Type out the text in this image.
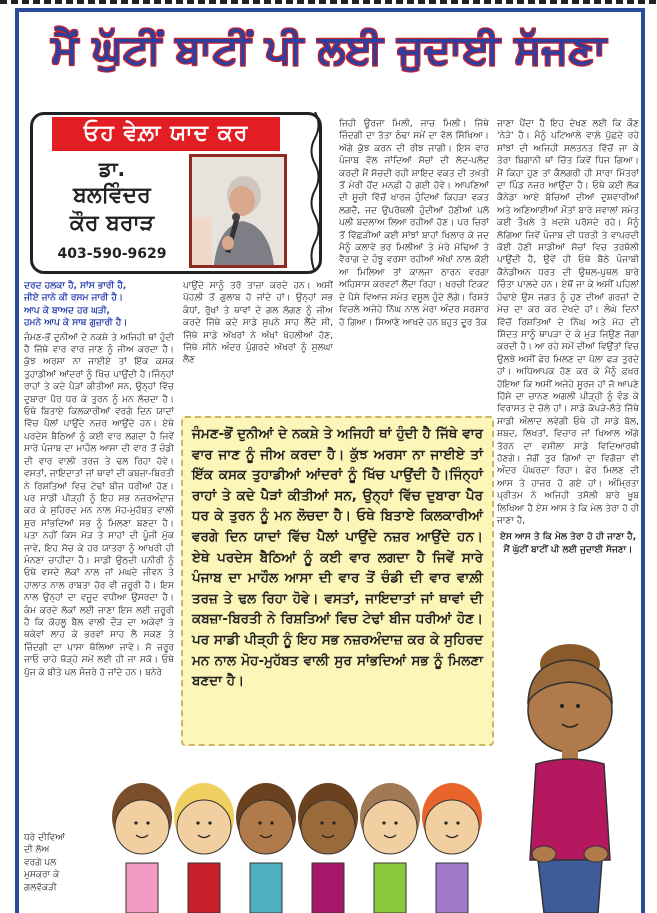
ਮੈਂ ਘੁੱਟੀਂ ਬਾਟੀਂ ਪੀ ਲਈ ਜੁਦਾਈ ਸੱਜਣਾ
ਓਹ ਵੇਲ਼ਾ ਯਾਦ ਕਰ
ਡਾ.
ਬਲਵਿੰਦਰ
ਕੌਰ ਬਰਾੜ
403-590-9629

ਦਰਦ ਹਲਕਾ ਹੈ, ਸਾਂਸ ਭਾਰੀ ਹੈ,

ਜੀਏ ਜਾਨੇ ਕੀ ਰਸਮ ਜਾਰੀ ਹੈ।

ਆਪ ਕੇ ਬਾਅਦ ਹਰ ਘੜੀ,

ਹਮਨੇ ਆਪ ਕੇ ਸਾਥ ਗੁਜ਼ਾਰੀ ਹੈ।

ਜੰਮਣ-ਭੋਂ ਦੁਨੀਆਂ ਦੇ ਨਕਸ਼ੇ ਤੇ ਅਜਿਹੀ ਥਾਂ ਹੁੰਦੀ ਹੈ ਜਿੱਥੇ ਵਾਰ ਵਾਰ ਜਾਣ ਨੂੰ ਜੀਅ ਕਰਦਾ ਹੈ। ਕੁੱਝ ਅਰਸਾ ਨਾ ਜਾਈਏ ਤਾਂ ਇੱਕ ਕਸਕ ਤੁਹਾਡੀਆਂ ਆਂਦਰਾਂ ਨੂੰ ਖਿੱਚ ਪਾਉਂਦੀ ਹੈ।ਜਿੰਨ੍ਹਾਂ ਰਾਹਾਂ ਤੇ ਕਦੇ ਪੈੜਾਂ ਕੀਤੀਆਂ ਸਨ, ਉਨ੍ਹਾਂ ਵਿੱਚ ਦੁਬਾਰਾ ਪੈਰ ਧਰ ਕੇ ਤੁਰਨ ਨੂੰ ਮਨ ਲੋਚਦਾ ਹੈ। ਓਥੇ ਬਿਤਾਏ ਕਿਲਕਾਰੀਆਂ ਵਰਗੇ ਦਿਨ ਯਾਦਾਂ ਵਿੱਚ ਪੈਲਾਂ ਪਾਉਂਦੇ ਨਜ਼ਰ ਆਉਂਦੇ ਹਨ। ਏਥੇ ਪਰਦੇਸ ਬੈਠਿਆਂ ਨੂੰ ਕਈ ਵਾਰ ਲਗਦਾ ਹੈ ਜਿਵੇਂ ਸਾਰੇ ਪੰਜਾਬ ਦਾ ਮਾਹੌਲ ਆਸਾ ਦੀ ਵਾਰ ਤੋਂ ਚੰਡੀ ਦੀ ਵਾਰ ਵਾਲ਼ੀ ਤਰਜ਼ ਤੇ ਢਲ ਰਿਹਾ ਹੋਵੇ। ਵਸਤਾਂ, ਜਾਇਦਾਤਾਂ ਜਾਂ ਥਾਵਾਂ ਦੀ ਕਬਜ਼ਾ-ਬਿਰਤੀ ਨੇ ਰਿਸ਼ਤਿਆਂ ਵਿਚ ਟੇਢਾਂ ਬੀਜ ਧਰੀਆਂ ਹੋਣ। ਪਰ ਸਾਡੀ ਪੀੜ੍ਹੀ ਨੂੰ ਇਹ ਸਭ ਨਜ਼ਰਅੰਦਾਜ਼ ਕਰ ਕੇ ਸੁਹਿਰਦ ਮਨ ਨਾਲ ਮੋਹ-ਮੁਹੱਬਤ ਵਾਲੀ ਸੁਰ ਸਾਂਭਦਿਆਂ ਸਭ ਨੂੰ ਮਿਲਣਾ ਬਣਦਾ ਹੈ। ਪਤਾ ਨਹੀਂ ਕਿਸ ਮੋੜ ਤੇ ਸਾਹਾਂ ਦੀ ਪੂੰਜੀ ਮੁੱਕ ਜਾਵੇ, ਇਹ ਸੋਚ ਕੇ ਹਰ ਯਾਤਰਾ ਨੂੰ ਆਖਰੀ ਹੀ ਮੰਨਣਾ ਚਾਹੀਦਾ ਹੈ। ਸਾਡੀ ਉਠਦੀ ਪਨੀਰੀ ਨੂੰ ਓਥੇ ਵਸਦੇ ਲੋਕਾਂ ਨਾਲ ਜਾਂ ਮਘਦੇ ਜੀਵਨ ਤੇ ਹਾਲਾਤ ਨਾਲ ਰਾਬਤਾ ਹੋਰ ਵੀ ਜ਼ਰੂਰੀ ਹੈ। ਇਸ ਨਾਲ ਉਨ੍ਹਾਂ ਦਾ ਵਜੂਦ ਵਧੀਆ ਉਸਰਦਾ ਹੈ। ਕੰਮ ਕਰਦੇ ਲੋਕਾਂ ਲਈ ਜਾਣਾ ਇਸ ਲਈ ਜ਼ਰੂਰੀ ਹੈ ਕਿ ਕੋਹਲੂ ਬੈਲ ਵਾਲੀ ਦੌੜ ਦਾ ਅਕੇਵਾਂ ਤੇ ਥਕੇਵਾਂ ਲਾਹ ਕੇ ਭਰਵਾਂ ਸਾਹ ਲੈ ਸਕਣ ਤੇ ਜ਼ਿੰਦਗੀ ਦਾ ਪਾਸਾ ਥੱਲਿਆ ਜਾਵੇ। ਸੋ ਜ਼ਰੂਰ ਜਾਓ ਚਾਹੇ ਥੋੜ੍ਹੇ ਸਮੇਂ ਲਈ ਹੀ ਜਾ ਸਕੋ। ਓਥੇ ਪੁੱਜ ਕੇ ਬੀਤੇ ਪਲ ਸੰਜਰੇ ਹੋ ਜਾਂਦੇ ਹਨ। ਬਨੇਰੇ

ਧਰੇ ਦੀਵਿਆਂ
ਦੀ ਲੋਅ
ਵਰਗੇ ਪਲ
ਮੁਸਕਰਾ ਕੇ
ਗਲਵੱਕੜੀ

ਪਾਉਂਦੇ ਸਾਨੂੰ ਤਰੋ ਤਾਜ਼ਾ ਕਰਦੇ ਹਨ। ਅਸੀਂ ਪੋਹਲ਼ੀ ਤੋਂ ਗੁਲਾਬ ਹੋ ਜਾਂਦੇ ਹਾਂ। ਉਨ੍ਹਾਂ ਸਭ ਕੰਧਾਂ, ਰੁੱਖਾਂ ਤੇ ਥਾਵਾਂ ਦੇ ਗਲ ਲੱਗਣ ਨੂੰ ਜੀਅ ਕਰਦੇ ਜਿੱਥੇ ਕਦੇ ਸਾਡੇ ਸੁਪਨੇ ਸਾਹ ਲੈਂਦੇ ਸੀ, ਜਿੱਥੇ ਸਾਡੇ ਅੱਖਰਾਂ ਨੇ ਅੱਖਾਂ ਖੋਹਲੀਆਂ ਹੋਣ, ਜਿੱਥੇ ਸੀਨੇ ਅੰਦਰ ਪੁੰਗਰਦੇ ਅੱਖਰਾਂ ਨੂੰ ਸੁਲਘਾ ਲੈਣ

ਜਿਹੀ ਊਰਜਾ ਮਿਲੀ, ਜਾਚ ਮਿਲੀ। ਜਿੱਥੇ ਜ਼ਿੰਦਗੀ ਦਾ ਤੱਤਾ ਠੰਢਾ ਸਮੇਂ ਦਾ ਵੱਲ ਸਿੱਖਿਆ। ਅੱਗੇ ਕੁੱਝ ਕਰਨ ਦੀ ਰੀਝ ਜਾਗੀ। ਇਸ ਵਾਰ ਪੰਜਾਬ ਵੱਲ ਜਾਂਦਿਆਂ ਸੋਚਾਂ ਦੀ ਲੱਦ-ਪਲੱਦ ਕਰਦੀ ਮੈਂ ਸੋਚਦੀ ਰਹੀ ਸ਼ਾਇਦ ਵਕਤ ਦੀ ਤਖ਼ਤੀ ਤੋਂ ਮੇਰੀ ਹੋਂਦ ਮਨਫ਼ੀ ਹੋ ਗਈ ਹੋਵੇ। ਆਪਣਿਆਂ ਦੀ ਸੂਚੀ ਵਿੱਚੋਂ ਖਾਰਜ ਹੁੰਦਿਆਂ ਕਿਹੜਾ ਵਕਤ ਲਗਦੈ, ਜਦ ਉਪਰੋਥਲੀ ਹੁੰਦੀਆਂ ਹੋਣੀਆਂ ਪਲੋ ਪਲੀ ਬਦਲਾਅ ਲਿਆ ਰਹੀਆਂ ਹੋਣ। ਪਰ ਚਿਰਾਂ ਤੋਂ ਵਿੱਛੜੀਆਂ ਕਈ ਸਾਂਝਾਂ ਬਾਹਾਂ ਖਿਲਾਰ ਕੇ ਜਦ ਮੈਨੂੰ ਕਲਾਵੇ ਭਰ ਮਿਲੀਆਂ ਤੇ ਮੇਰੇ ਮੋਢਿਆਂ ਤੇ ਵੈਰਾਗ ਦੇ ਹੰਝੂ ਵਰਸਾ ਰਹੀਆਂ ਅੱਖਾਂ ਨਾਲ ਕੋਈ ਆ ਮਿਲਿਆ ਤਾਂ ਕਾਲਜਾ ਠਾਰਨ ਵਰਗਾ ਅਹਿਸਾਸ ਕਰਵਟਾਂ ਲੈਂਦਾ ਰਿਹਾ। ਖਰਚੀ ਟਿਕਟ ਦੇ ਪੈਸੇ ਵਿਆਜ ਸਮੇਤ ਵਸੂਲ ਹੁੰਦੇ ਲੱਗੇ। ਰਿਸ਼ਤੇ ਵਿਚਲੇ ਅਜੇਹੇ ਨਿੱਘ ਨਾਲ ਮੇਰਾ ਅੰਦਰ ਸਰਸ਼ਾਰ ਹੋ ਗਿਆ। ਸਿਆਣੇ ਆਖਦੇ ਹਨ ਬਹੁਤ ਦੂਰ ਤੱਕ

ਜਾਣਾ ਪੈਂਦਾ ਹੈ ਇਹ ਦੇਖਣ ਲਈ ਕਿ ਕੌਣ 'ਨੇੜੇ' ਹੈ। ਮੈਨੂੰ ਪਟਿਆਲੇ ਵਾਲ਼ੇ ਪੁੱਛਦੇ ਰਹੇ ਸਾਂਝਾਂ ਦੀ ਅਜਿਹੀ ਸਲਤਨਤ ਵਿੱਚੋਂ ਜਾ ਕੇ ਤੇਰਾ ਬਿਗਾਨੀ ਥਾਂ ਚਿੱਤ ਕਿਵੇਂ ਧਿਜ ਗਿਆ। ਮੈਂ ਕਿਹਾ ਹੁਣ ਤਾਂ ਕੈਲਗਰੀ ਹੀ ਸਾਰਾ ਮਿੱਤਰਾਂ ਦਾ ਪਿੰਡ ਨਜ਼ਰ ਆਉਂਦਾ ਹੈ। ਓਥੇ ਕਈ ਲੋਕ ਕੈਨੇਡਾ ਆਏ ਬੱਚਿਆਂ ਦੀਆਂ ਦੁਸ਼ਵਾਰੀਆਂ ਅਤੇ ਅਣਿਆਈਆਂ ਮੌਤਾਂ ਬਾਰੇ ਸਵਾਲਾਂ ਸਮੇਤ ਕਈ ਤੌਖਲੇ ਤੇ ਖ਼ਦਸ਼ੇ ਪਰੋਸਦੇ ਰਹੇ। ਮੈਨੂੰ ਲੱਗਿਆ ਜਿਵੇਂ ਪੰਜਾਬ ਦੀ ਧਰਤੀ ਤੇ ਵਾਪਰਦੀ ਕੋਈ ਹੋਣੀ ਸਾਡੀਆਂ ਸੋਚਾਂ ਵਿਚ ਤਰਥੱਲੀ ਪਾਉਂਦੀ ਹੈ, ਉਵੇਂ ਹੀ ਓਥੇ ਬੈਠੇ ਪੰਜਾਬੀ ਕੈਨੇਡੀਅਨ ਧਰਤ ਦੀ ਉਥਲ-ਪੁਥਲ ਬਾਰੇ ਚਿੰਤਾ ਪਾਲ਼ਦੇ ਹਨ। ਏਥੋਂ ਜਾ ਕੇ ਅਸੀਂ ਪਹਿਲਾਂ ਹੰਢਾਏ ਉਸ ਜਗਤ ਨੂੰ ਹੁਣ ਦੀਆਂ ਗਰਜ਼ਾਂ ਦੇ ਮੇਚ ਦਾ ਕਰ ਕਰ ਦੇਖਦੇ ਹਾਂ। ਲੰਘੇ ਦਿਨਾਂ ਵਿੱਚੋਂ ਰਿਸ਼ਤਿਆਂ ਦੇ ਨਿੱਘ ਅਤੇ ਮੋਹ ਦੀ ਸ਼ਿੱਦਤ ਸਾਨੂੰ ਥਾਪੜਾ ਦੇ ਕੇ ਮੁੜ ਜਿਉਣ ਜੋਗਾ ਕਰਦੀ ਹੈ। ਆ ਰਹੇ ਸਮੇਂ ਦੀਆਂ ਵਿਉਂਤਾਂ ਵਿਚ ਉਲਝੇ ਅਸੀਂ ਫੇਰ ਮਿਲਣ ਦਾ ਪੱਲਾ ਫੜ ਤੁਰਦੇ ਹਾਂ। ਅਧਿਆਪਕ ਹੋਣ ਕਰ ਕੇ ਮੈਨੂੰ ਫ਼ਖਰ ਹੋਇਆ ਕਿ ਅਸੀਂ ਅਜੇਹੇ ਸੂਰਜ ਹਾਂ ਜੋ ਆਪਣੇ ਹਿੱਸੇ ਦਾ ਚਾਨਣ ਅਗਲੀ ਪੀੜ੍ਹੀ ਨੂੰ ਵੰਡ ਕੇ ਵਿਰਾਸਤ ਦੇ ਚੱਲੇ ਹਾਂ। ਸਾਡੇ ਕੱਪੜੇ-ਲੱਤੇ ਜਿੱਥੇ ਸਾਡੀ ਔਲਾਦ ਲਵੇਗੀ ਓਥੇ ਹੀ ਸਾਡੇ ਬੋਲ, ਸ਼ਬਦ, ਲਿਖਤਾਂ, ਵਿਚਾਰ ਜਾਂ ਖਿਆਲ ਅੱਗੇ ਤੋਰਨ ਦਾ ਵਸੀਲਾ ਸਾਡੇ ਵਿਦਿਆਰਥੀ ਹੋਣਗੇ। ਜੱਗੋਂ ਤੁਰ ਗਿਆਂ ਦਾ ਵਿਗੋਚਾ ਵੀ ਅੰਦਰ ਪੰਘਰਦਾ ਰਿਹਾ। ਫੇਰ ਮਿਲਣ ਦੀ ਆਸ ਤੇ ਹਾਜ਼ਰ ਹੋ ਗਏ ਹਾਂ। ਅੰਮ੍ਰਿਤਾ ਪ੍ਰੀਤਮ ਨੇ ਅਜਿਹੀ ਤਸੱਲੀ ਬਾਰੇ ਖ਼ੂਬ ਲਿਖਿਆ ਹੈ ਏਸ ਆਸ ਤੇ ਕਿ ਮੇਲ ਤੇਰਾ ਹੋ ਹੀ ਜਾਣਾ ਹੈ,

ਏਸ ਆਸ ਤੇ ਕਿ ਮੇਲ ਤੇਰਾ ਹੋ ਹੀ ਜਾਣਾ ਹੈ,
ਮੈਂ ਘੁੱਟੀਂ ਬਾਟੀਂ ਪੀ ਲਈ ਜੁਦਾਈ ਸੱਜਣਾ।
ਜੰਮਣ-ਭੋਂ ਦੁਨੀਆਂ ਦੇ ਨਕਸ਼ੇ ਤੇ ਅਜਿਹੀ ਥਾਂ ਹੁੰਦੀ ਹੈ ਜਿੱਥੇ ਵਾਰ ਵਾਰ ਜਾਣ ਨੂੰ ਜੀਅ ਕਰਦਾ ਹੈ। ਕੁੱਝ ਅਰਸਾ ਨਾ ਜਾਈਏ ਤਾਂ ਇੱਕ ਕਸਕ ਤੁਹਾਡੀਆਂ ਆਂਦਰਾਂ ਨੂੰ ਖਿੱਚ ਪਾਉਂਦੀ ਹੈ।ਜਿੰਨ੍ਹਾਂ ਰਾਹਾਂ ਤੇ ਕਦੇ ਪੈੜਾਂ ਕੀਤੀਆਂ ਸਨ, ਉਨ੍ਹਾਂ ਵਿੱਚ ਦੁਬਾਰਾ ਪੈਰ ਧਰ ਕੇ ਤੁਰਨ ਨੂੰ ਮਨ ਲੋਚਦਾ ਹੈ। ਓਥੇ ਬਿਤਾਏ ਕਿਲਕਾਰੀਆਂ ਵਰਗੇ ਦਿਨ ਯਾਦਾਂ ਵਿੱਚ ਪੈਲਾਂ ਪਾਉਂਦੇ ਨਜ਼ਰ ਆਉਂਦੇ ਹਨ। ਏਥੇ ਪਰਦੇਸ ਬੈਠਿਆਂ ਨੂੰ ਕਈ ਵਾਰ ਲਗਦਾ ਹੈ ਜਿਵੇਂ ਸਾਰੇ ਪੰਜਾਬ ਦਾ ਮਾਹੌਲ ਆਸਾ ਦੀ ਵਾਰ ਤੋਂ ਚੰਡੀ ਦੀ ਵਾਰ ਵਾਲ਼ੀ ਤਰਜ਼ ਤੇ ਢਲ ਰਿਹਾ ਹੋਵੇ। ਵਸਤਾਂ, ਜਾਇਦਾਤਾਂ ਜਾਂ ਥਾਵਾਂ ਦੀ ਕਬਜ਼ਾ-ਬਿਰਤੀ ਨੇ ਰਿਸ਼ਤਿਆਂ ਵਿਚ ਟੇਢਾਂ ਬੀਜ ਧਰੀਆਂ ਹੋਣ। ਪਰ ਸਾਡੀ ਪੀੜ੍ਹੀ ਨੂੰ ਇਹ ਸਭ ਨਜ਼ਰਅੰਦਾਜ਼ ਕਰ ਕੇ ਸੁਹਿਰਦ ਮਨ ਨਾਲ ਮੋਹ-ਮੁਹੱਬਤ ਵਾਲੀ ਸੁਰ ਸਾਂਭਦਿਆਂ ਸਭ ਨੂੰ ਮਿਲਣਾ ਬਣਦਾ ਹੈ।
